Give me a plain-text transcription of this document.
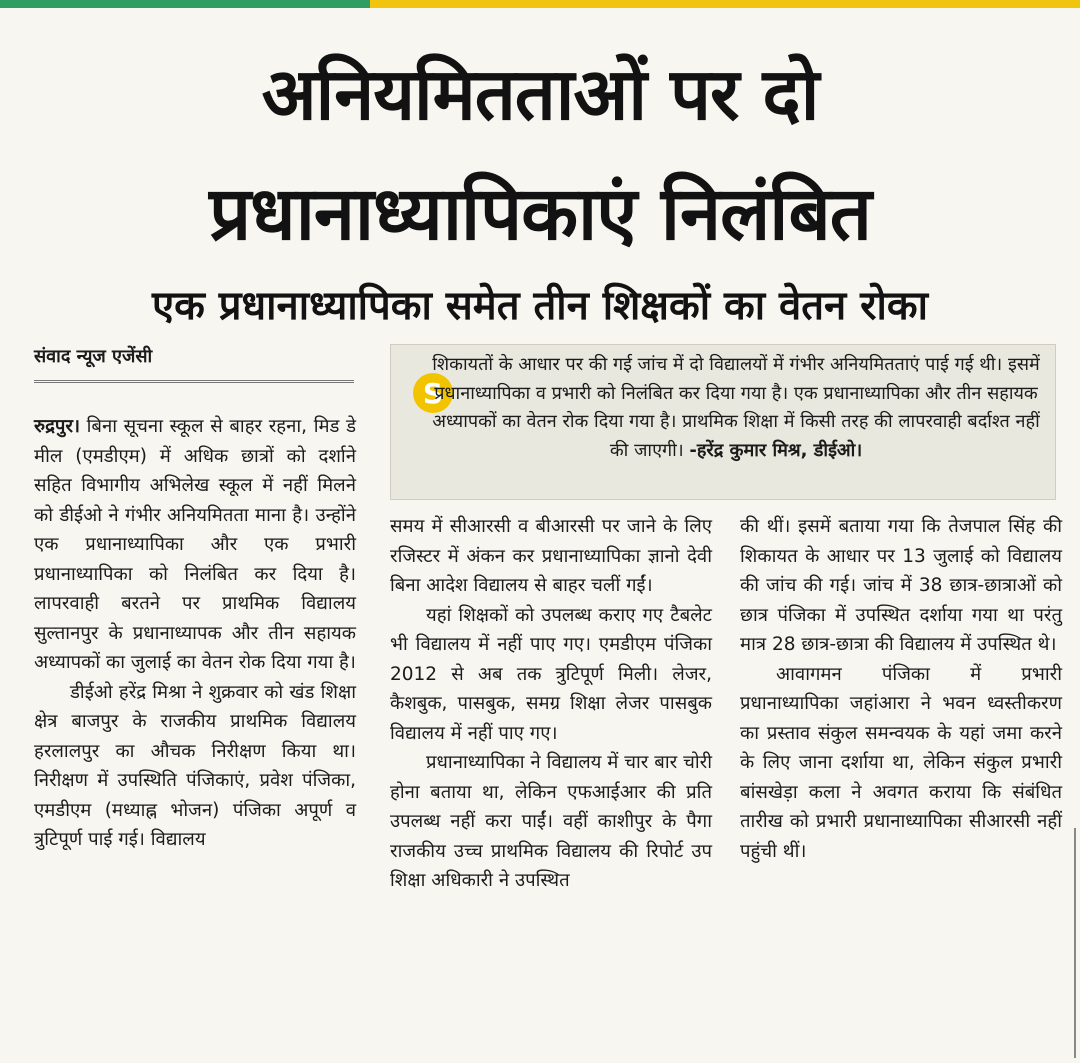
अनियमितताओं पर दो
प्रधानाध्यापिकाएं निलंबित
एक प्रधानाध्यापिका समेत तीन शिक्षकों का वेतन रोका
संवाद न्यूज एजेंसी
S

शिकायतों के आधार पर की गई जांच में दो विद्यालयों में गंभीर अनियमितताएं पाई गई थी। इसमें प्रधानाध्यापिका व प्रभारी को निलंबित कर दिया गया है। एक प्रधानाध्यापिका और तीन सहायक अध्यापकों का वेतन रोक दिया गया है। प्राथमिक शिक्षा में किसी तरह की लापरवाही बर्दाश्त नहीं की जाएगी। -हरेंद्र कुमार मिश्र, डीईओ।

रुद्रपुर। बिना सूचना स्कूल से बाहर रहना, मिड डे मील (एमडीएम) में अधिक छात्रों को दर्शाने सहित विभागीय अभिलेख स्कूल में नहीं मिलने को डीईओ ने गंभीर अनियमितता माना है। उन्होंने एक प्रधानाध्यापिका और एक प्रभारी प्रधानाध्यापिका को निलंबित कर दिया है। लापरवाही बरतने पर प्राथमिक विद्यालय सुल्तानपुर के प्रधानाध्यापक और तीन सहायक अध्यापकों का जुलाई का वेतन रोक दिया गया है।

डीईओ हरेंद्र मिश्रा ने शुक्रवार को खंड शिक्षा क्षेत्र बाजपुर के राजकीय प्राथमिक विद्यालय हरलालपुर का औचक निरीक्षण किया था। निरीक्षण में उपस्थिति पंजिकाएं, प्रवेश पंजिका, एमडीएम (मध्याह्न भोजन) पंजिका अपूर्ण व त्रुटिपूर्ण पाई गई। विद्यालय

समय में सीआरसी व बीआरसी पर जाने के लिए रजिस्टर में अंकन कर प्रधानाध्यापिका ज्ञानो देवी बिना आदेश विद्यालय से बाहर चलीं गईं।

यहां शिक्षकों को उपलब्ध कराए गए टैबलेट भी विद्यालय में नहीं पाए गए। एमडीएम पंजिका 2012 से अब तक त्रुटिपूर्ण मिली। लेजर, कैशबुक, पासबुक, समग्र शिक्षा लेजर पासबुक विद्यालय में नहीं पाए गए।

प्रधानाध्यापिका ने विद्यालय में चार बार चोरी होना बताया था, लेकिन एफआईआर की प्रति उपलब्ध नहीं करा पाईं। वहीं काशीपुर के पैगा राजकीय उच्च प्राथमिक विद्यालय की रिपोर्ट उप शिक्षा अधिकारी ने उपस्थित

की थीं। इसमें बताया गया कि तेजपाल सिंह की शिकायत के आधार पर 13 जुलाई को विद्यालय की जांच की गई। जांच में 38 छात्र-छात्राओं को छात्र पंजिका में उपस्थित दर्शाया गया था परंतु मात्र 28 छात्र-छात्रा की विद्यालय में उपस्थित थे।

आवागमन पंजिका में प्रभारी प्रधानाध्यापिका जहांआरा ने भवन ध्वस्तीकरण का प्रस्ताव संकुल समन्वयक के यहां जमा करने के लिए जाना दर्शाया था, लेकिन संकुल प्रभारी बांसखेड़ा कला ने अवगत कराया कि संबंधित तारीख को प्रभारी प्रधानाध्यापिका सीआरसी नहीं पहुंची थीं।
